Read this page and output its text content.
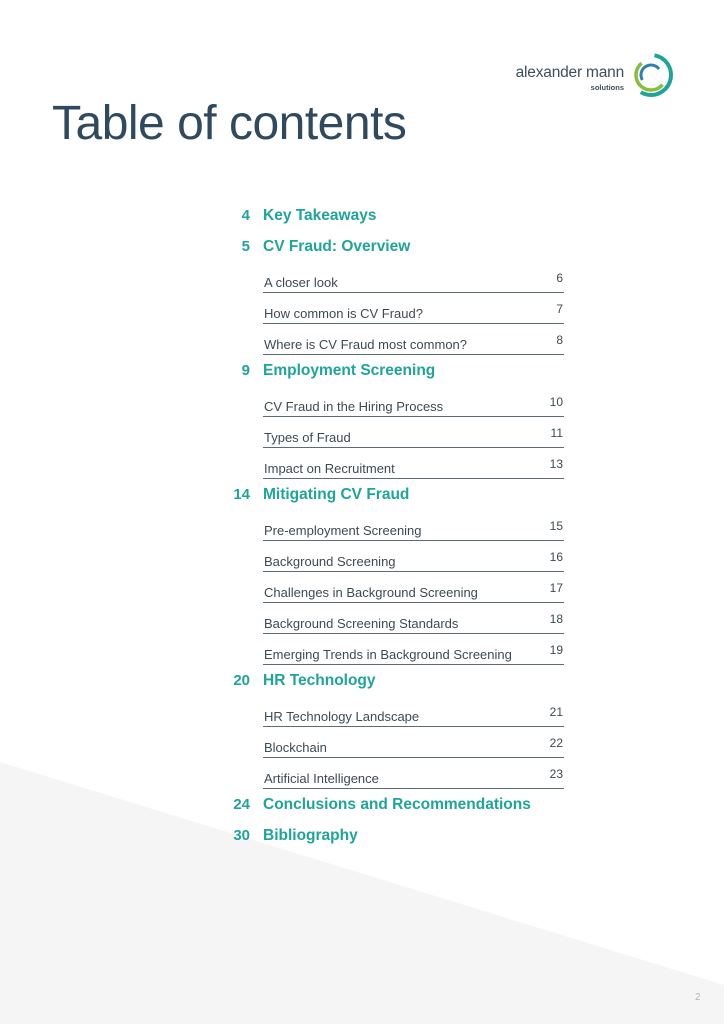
alexander mann
solutions
Table of contents
4 Key Takeaways
5 CV Fraud: Overview
A closer look	6
How common is CV Fraud?	7
Where is CV Fraud most common?	8
9 Employment Screening
CV Fraud in the Hiring Process	10
Types of Fraud	11
Impact on Recruitment	13
14 Mitigating CV Fraud
Pre-employment Screening	15
Background Screening	16
Challenges in Background Screening	17
Background Screening Standards	18
Emerging Trends in Background Screening	19
20 HR Technology
HR Technology Landscape	21
Blockchain	22
Artificial Intelligence	23
24 Conclusions and Recommendations
30 Bibliography
2
